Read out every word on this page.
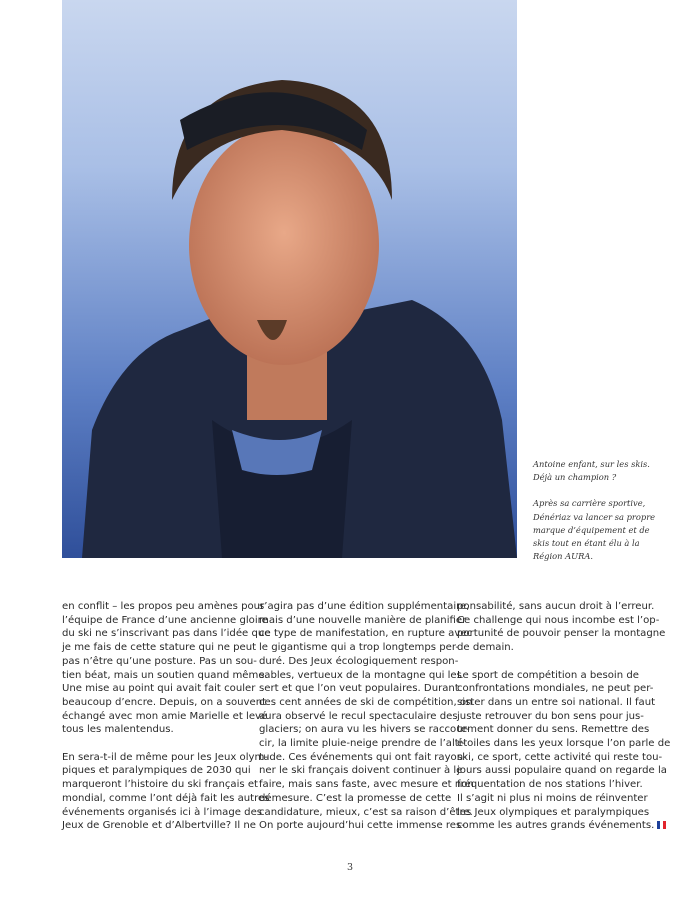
Antoine enfant, sur les skis.
Déjà un champion ?

Après sa carrière sportive,
Dénériaz va lancer sa propre
marque d’équipement et de
skis tout en étant élu à la
Région AURA.

en conflit – les propos peu amènes pour
l’équipe de France d’une ancienne gloire
du ski ne s’inscrivant pas dans l’idée que
je me fais de cette stature qui ne peut
pas n’être qu’une posture. Pas un sou-
tien béat, mais un soutien quand même.
Une mise au point qui avait fait couler
beaucoup d’encre. Depuis, on a souvent
échangé avec mon amie Marielle et levé
tous les malentendus.
En sera-t-il de même pour les Jeux olym-
piques et paralympiques de 2030 qui
marqueront l’histoire du ski français et
mondial, comme l’ont déjà fait les autres
événements organisés ici à l’image des
Jeux de Grenoble et d’Albertville? Il ne
s’agira pas d’une édition supplémentaire,
mais d’une nouvelle manière de planifier
ce type de manifestation, en rupture avec
le gigantisme qui a trop longtemps per-
duré. Des Jeux écologiquement respon-
sables, vertueux de la montagne qui les
sert et que l’on veut populaires. Durant
ces cent années de ski de compétition, on
aura observé le recul spectaculaire des
glaciers; on aura vu les hivers se raccour-
cir, la limite pluie-neige prendre de l’alti-
tude. Ces événements qui ont fait rayon-
ner le ski français doivent continuer à le
faire, mais sans faste, avec mesure et non
démesure. C’est la promesse de cette
candidature, mieux, c’est sa raison d’être.
On porte aujourd’hui cette immense res-
ponsabilité, sans aucun droit à l’erreur.
Ce challenge qui nous incombe est l’op-
portunité de pouvoir penser la montagne
de demain.
Le sport de compétition a besoin de
confrontations mondiales, ne peut per-
sister dans un entre soi national. Il faut
juste retrouver du bon sens pour jus-
tement donner du sens. Remettre des
étoiles dans les yeux lorsque l’on parle de
ski, ce sport, cette activité qui reste tou-
jours aussi populaire quand on regarde la
fréquentation de nos stations l’hiver.
Il s’agit ni plus ni moins de réinventer
les Jeux olympiques et paralympiques
comme les autres grands événements.
3
